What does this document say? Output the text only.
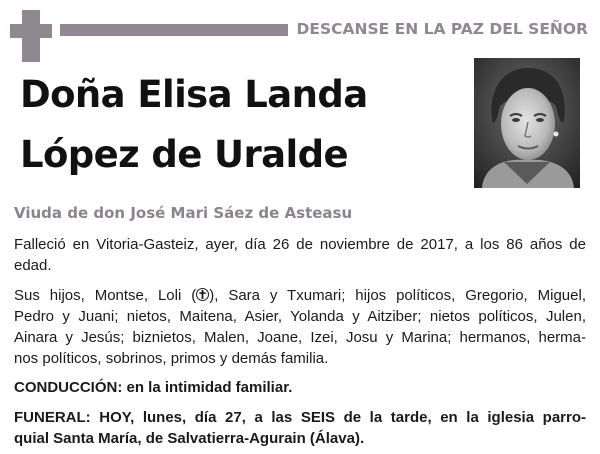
DESCANSE EN LA PAZ DEL SEÑOR
Doña Elisa Landa
López de Uralde
Viuda de don José Mari Sáez de Asteasu
Falleció en Vitoria-Gasteiz, ayer, día 26 de noviembre de 2017, a los 86 años de
edad.
Sus hijos, Montse, Loli ( ), Sara y Txumari; hijos políticos, Gregorio, Miguel,
Pedro y Juani; nietos, Maitena, Asier, Yolanda y Aitziber; nietos políticos, Julen,
Ainara y Jesús; biznietos, Malen, Joane, Izei, Josu y Marina; hermanos, herma-
nos políticos, sobrinos, primos y demás familia.
CONDUCCIÓN: en la intimidad familiar.
FUNERAL: HOY, lunes, día 27, a las SEIS de la tarde, en la iglesia parro-
quial Santa María, de Salvatierra-Agurain (Álava).
